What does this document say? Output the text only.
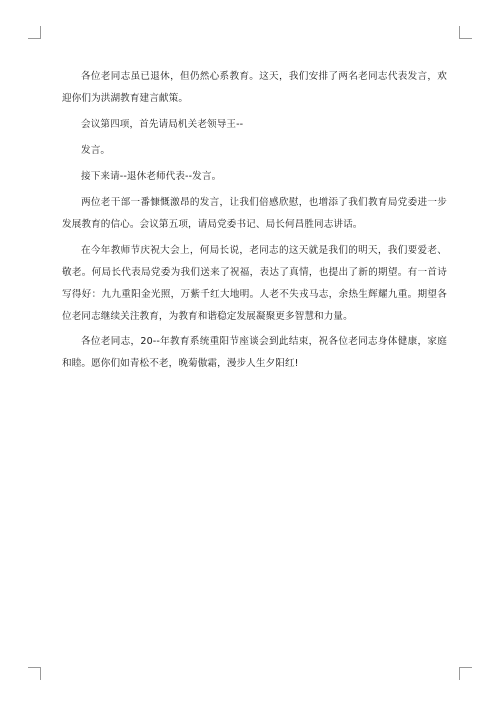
各位老同志虽已退休，但仍然心系教育。这天，我们安排了两名老同志代表发言，欢迎你们为洪湖教育建言献策。

会议第四项，首先请局机关老领导王--

发言。

接下来请--退休老师代表--发言。

两位老干部一番慷慨激昂的发言，让我们倍感欣慰，也增添了我们教育局党委进一步发展教育的信心。会议第五项，请局党委书记、局长何昌胜同志讲话。

在今年教师节庆祝大会上，何局长说，老同志的这天就是我们的明天，我们要爱老、敬老。何局长代表局党委为我们送来了祝福，表达了真情，也提出了新的期望。有一首诗写得好：九九重阳金光照，万紫千红大地明。人老不失戎马志，余热生辉耀九重。期望各位老同志继续关注教育，为教育和谐稳定发展凝聚更多智慧和力量。

各位老同志，20--年教育系统重阳节座谈会到此结束，祝各位老同志身体健康，家庭和睦。愿你们如青松不老，晚菊傲霜，漫步人生夕阳红!
